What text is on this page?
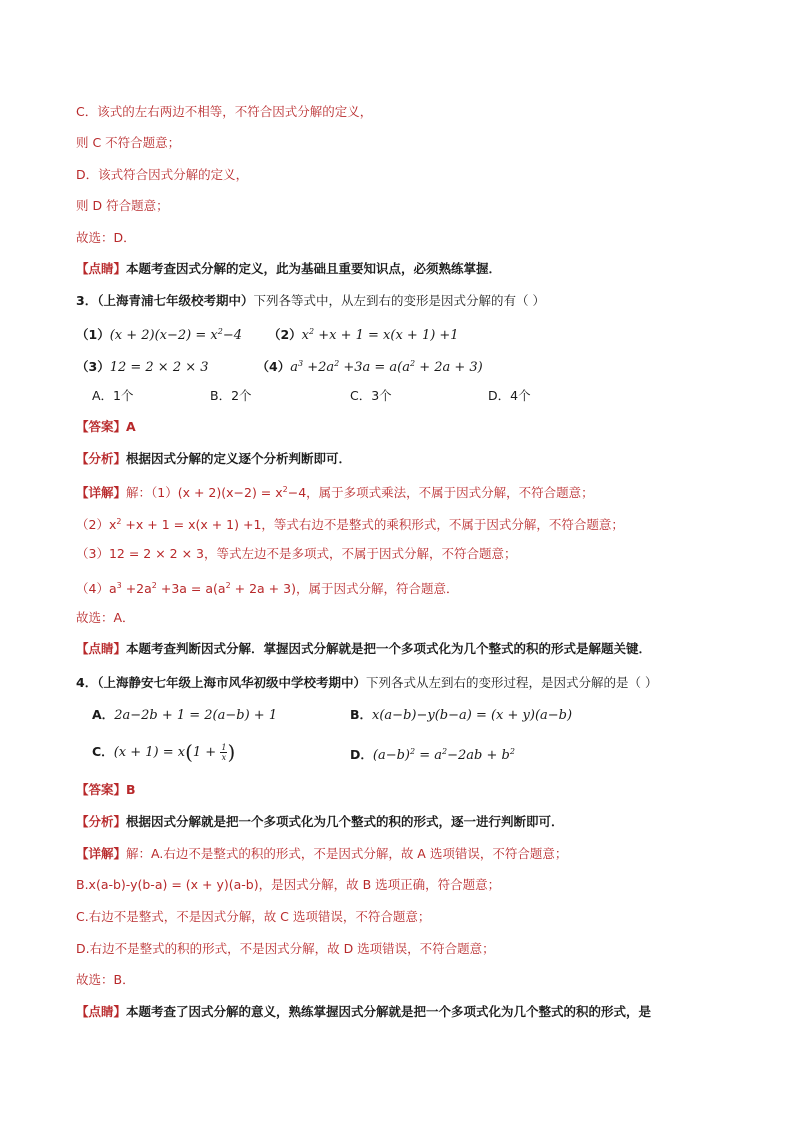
C．该式的左右两边不相等，不符合因式分解的定义，
则 C 不符合题意；
D．该式符合因式分解的定义，
则 D 符合题意；
故选：D．
【点睛】本题考查因式分解的定义，此为基础且重要知识点，必须熟练掌握．
3．（上海青浦七年级校考期中）下列各等式中，从左到右的变形是因式分解的有（ ）
$(1)(x + 2)(x-2) = x^2-4$ $(2)x^2 +x + 1 = x(x + 1) +1$
（3）12 = 2 × 2 × 3	$(4)a^3 +2a^2 +3a = a(a^2 + 2a + 3)$
A．1个	B．2个	C．3个	D．4个
【答案】A
【分析】根据因式分解的定义逐个分析判断即可．
【详解】解：$(1)(x + 2)(x-2) = x^2-4$，属于多项式乘法，不属于因式分解，不符合题意；
$(2)x^2 +x + 1 = x(x + 1) +1$，等式右边不是整式的乘积形式，不属于因式分解，不符合题意；
（3）12 = 2 × 2 × 3，等式左边不是多项式，不属于因式分解，不符合题意；
$(4)a^3 +2a^2 +3a = a(a^2 + 2a + 3)$，属于因式分解，符合题意．
故选：A．
【点睛】本题考查判断因式分解．掌握因式分解就是把一个多项式化为几个整式的积的形式是解题关键．
4．（上海静安七年级上海市风华初级中学校考期中）下列各式从左到右的变形过程，是因式分解的是（ ）
A．2a−2b + 1 = 2(a−b) + 1	B．x(a−b)−y(b−a) = (x + y)(a−b)
C．$(x + 1) = x(1 + \frac{1}{x}$ )	D．$(a-b)^2 = a^2-2ab + b^2$
【答案】B
【分析】根据因式分解就是把一个多项式化为几个整式的积的形式，逐一进行判断即可．
【详解】解：A.右边不是整式的积的形式，不是因式分解，故 A 选项错误，不符合题意；
B.x(a-b)-y(b-a) = (x + y)(a-b)，是因式分解，故 B 选项正确，符合题意；
C.右边不是整式，不是因式分解，故 C 选项错误，不符合题意；
D.右边不是整式的积的形式，不是因式分解，故 D 选项错误，不符合题意；
故选：B．
【点睛】本题考查了因式分解的意义，熟练掌握因式分解就是把一个多项式化为几个整式的积的形式，是
